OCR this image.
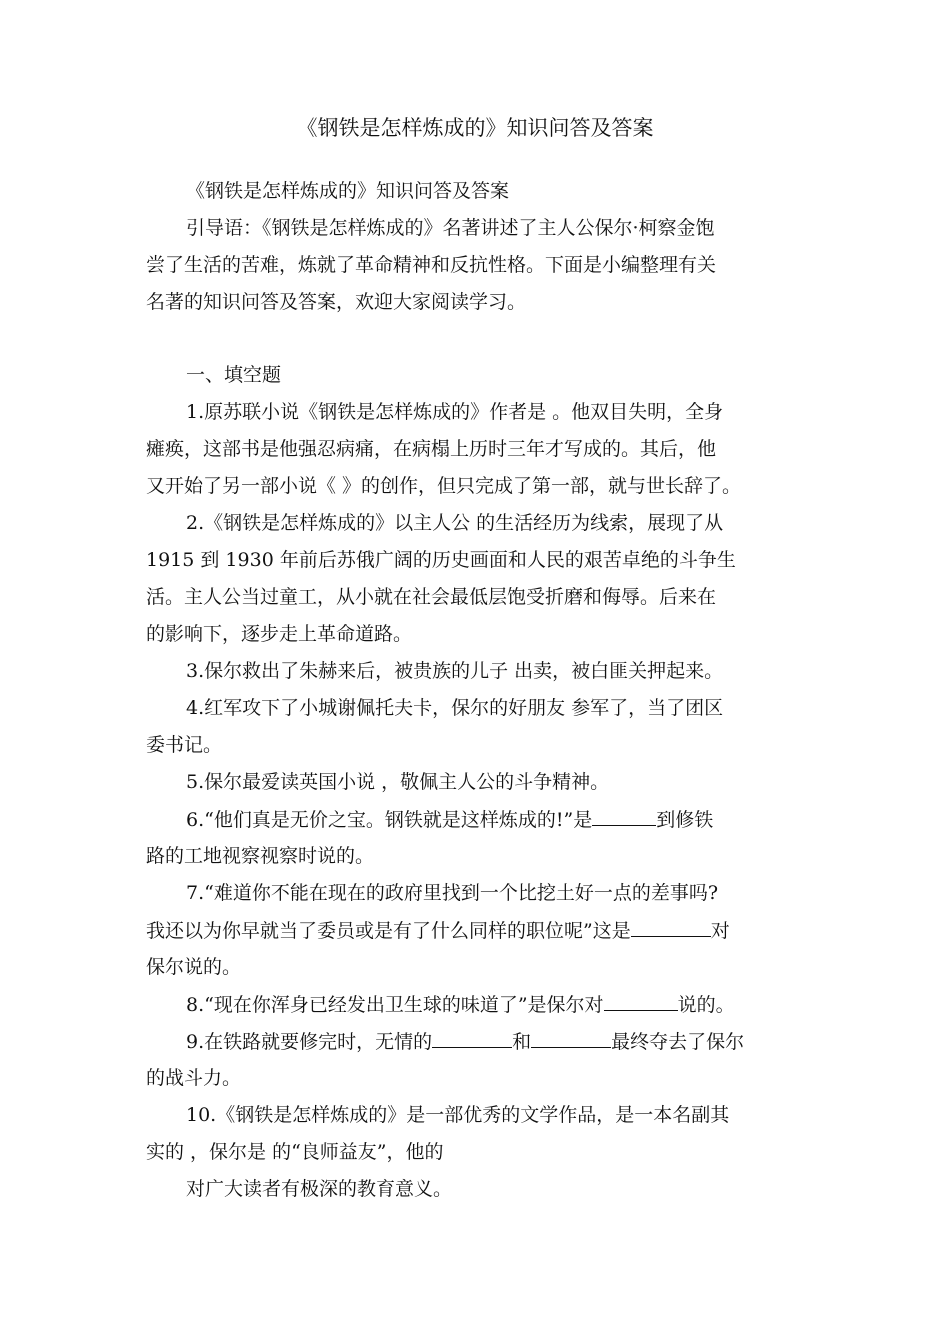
《钢铁是怎样炼成的》知识问答及答案
《钢铁是怎样炼成的》知识问答及答案
引导语：《钢铁是怎样炼成的》名著讲述了主人公保尔·柯察金饱
尝了生活的苦难，炼就了革命精神和反抗性格。下面是小编整理有关
名著的知识问答及答案，欢迎大家阅读学习。
一、填空题
1.原苏联小说《钢铁是怎样炼成的》作者是 。他双目失明，全身
瘫痪，这部书是他强忍病痛，在病榻上历时三年才写成的。其后，他
又开始了另一部小说《 》的创作，但只完成了第一部，就与世长辞了。
2.《钢铁是怎样炼成的》以主人公 的生活经历为线索，展现了从
1915 到 1930 年前后苏俄广阔的历史画面和人民的艰苦卓绝的斗争生
活。主人公当过童工，从小就在社会最低层饱受折磨和侮辱。后来在
的影响下，逐步走上革命道路。
3.保尔救出了朱赫来后，被贵族的儿子 出卖，被白匪关押起来。
4.红军攻下了小城谢佩托夫卡，保尔的好朋友 参军了，当了团区
委书记。
5.保尔最爱读英国小说 ，敬佩主人公的斗争精神。
6.“他们真是无价之宝。钢铁就是这样炼成的!”是	到修铁
路的工地视察视察时说的。
7.“难道你不能在现在的政府里找到一个比挖土好一点的差事吗?
我还以为你早就当了委员或是有了什么同样的职位呢”这是	对
保尔说的。
8.“现在你浑身已经发出卫生球的味道了”是保尔对	说的。
9.在铁路就要修完时，无情的	和	最终夺去了保尔
的战斗力。
10.《钢铁是怎样炼成的》是一部优秀的文学作品，是一本名副其
实的 ，保尔是 的“良师益友”，他的
对广大读者有极深的教育意义。
